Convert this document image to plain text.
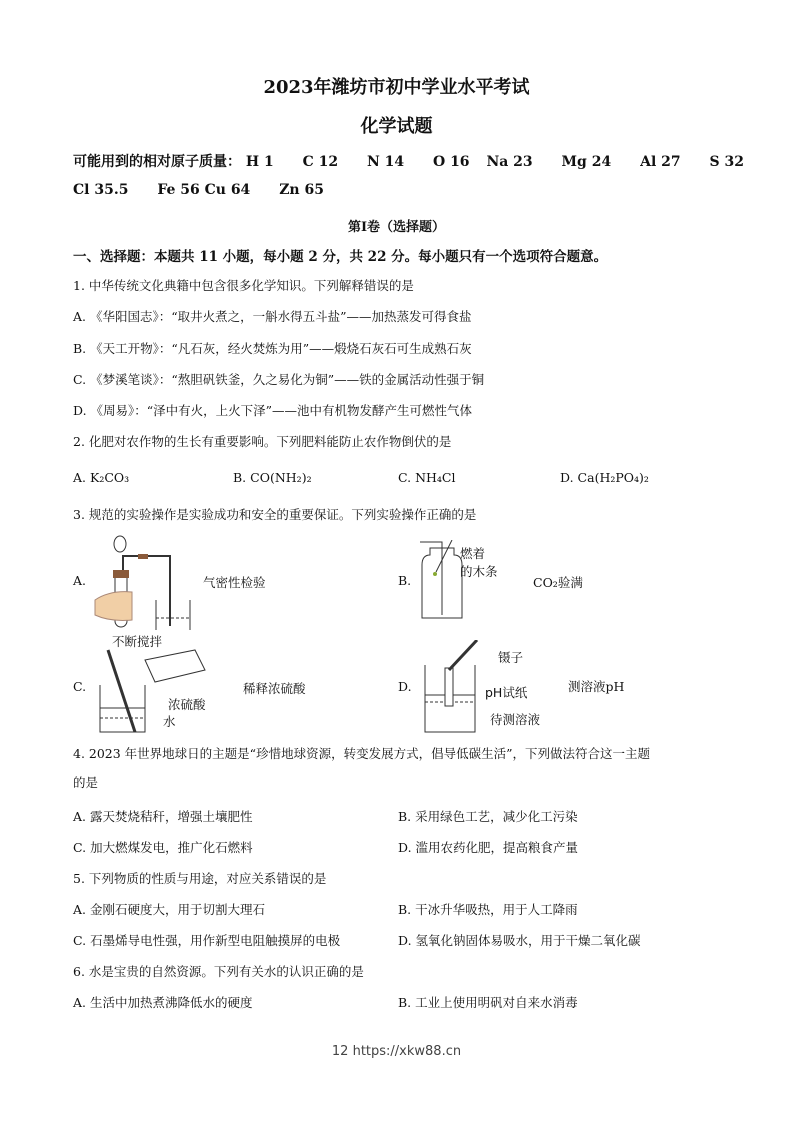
2023年潍坊市初中学业水平考试
化学试题
可能用到的相对原子质量： H 1 C 12 N 14 O 16 Na 23 Mg 24 Al 27 S 32
Cl 35.5 Fe 56 Cu 64 Zn 65
第Ⅰ卷（选择题）
一、选择题：本题共 11 小题，每小题 2 分，共 22 分。每小题只有一个选项符合题意。
1. 中华传统文化典籍中包含很多化学知识。下列解释错误的是
A. 《华阳国志》：“取井火煮之，一斛水得五斗盐”——加热蒸发可得食盐
B. 《天工开物》：“凡石灰，经火焚炼为用”——煅烧石灰石可生成熟石灰
C. 《梦溪笔谈》：“熬胆矾铁釜，久之易化为铜”——铁的金属活动性强于铜
D. 《周易》：“泽中有火，上火下泽”——池中有机物发酵产生可燃性气体
2. 化肥对农作物的生长有重要影响。下列肥料能防止农作物倒伏的是
A. K₂CO₃	B. CO(NH₂)₂	C. NH₄Cl	D. Ca(H₂PO₄)₂
3. 规范的实验操作是实验成功和安全的重要保证。下列实验操作正确的是
A.	气密性检验	B.
燃着
的木条
CO₂验满
C.
不断搅拌
浓硫酸
水
稀释浓硫酸	D.
镊子
pH试纸
待测溶液
测溶液pH
4. 2023 年世界地球日的主题是“珍惜地球资源，转变发展方式，倡导低碳生活”，下列做法符合这一主题
的是
A. 露天焚烧秸秆，增强土壤肥性	B. 采用绿色工艺，减少化工污染
C. 加大燃煤发电，推广化石燃料	D. 滥用农药化肥，提高粮食产量
5. 下列物质的性质与用途，对应关系错误的是
A. 金刚石硬度大，用于切割大理石	B. 干冰升华吸热，用于人工降雨
C. 石墨烯导电性强，用作新型电阻触摸屏的电极	D. 氢氧化钠固体易吸水，用于干燥二氧化碳
6. 水是宝贵的自然资源。下列有关水的认识正确的是
A. 生活中加热煮沸降低水的硬度	B. 工业上使用明矾对自来水消毒
12 https://xkw88.cn
